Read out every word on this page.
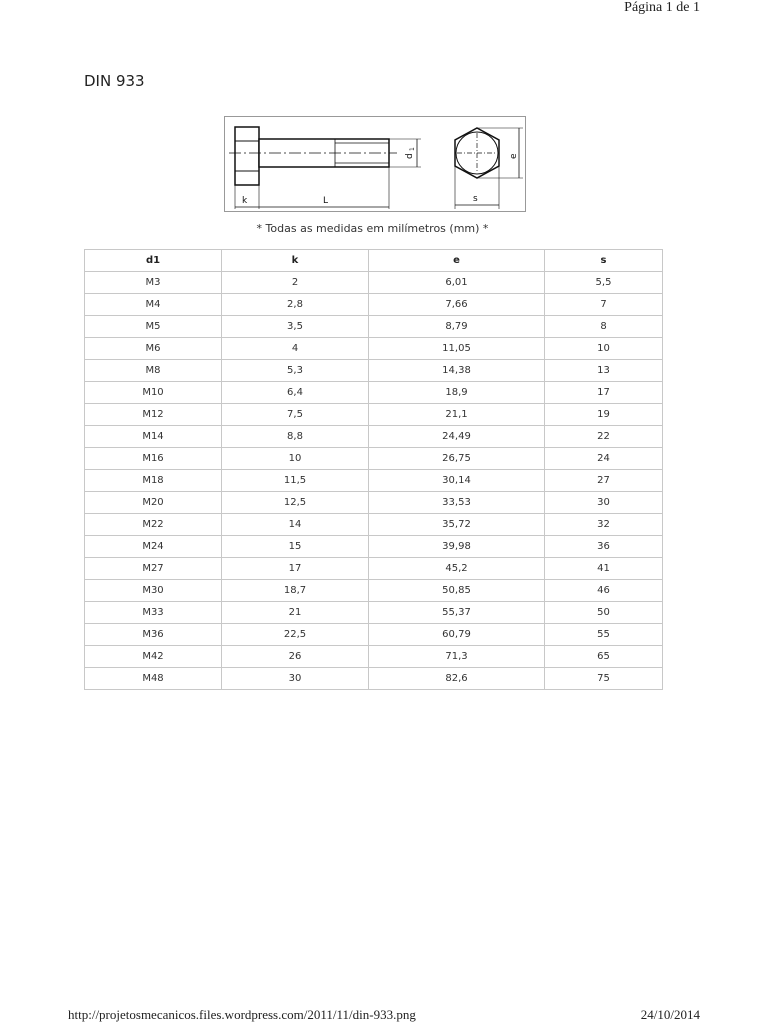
Página 1 de 1
DIN 933
d
1
k	L
e
s
* Todas as medidas em milímetros (mm) *
d1	k	e	s
M3	2	6,01	5,5
M4	2,8	7,66	7
M5	3,5	8,79	8
M6	4	11,05	10
M8	5,3	14,38	13
M10	6,4	18,9	17
M12	7,5	21,1	19
M14	8,8	24,49	22
M16	10	26,75	24
M18	11,5	30,14	27
M20	12,5	33,53	30
M22	14	35,72	32
M24	15	39,98	36
M27	17	45,2	41
M30	18,7	50,85	46
M33	21	55,37	50
M36	22,5	60,79	55
M42	26	71,3	65
M48	30	82,6	75
http://projetosmecanicos.files.wordpress.com/2011/11/din-933.png	24/10/2014
